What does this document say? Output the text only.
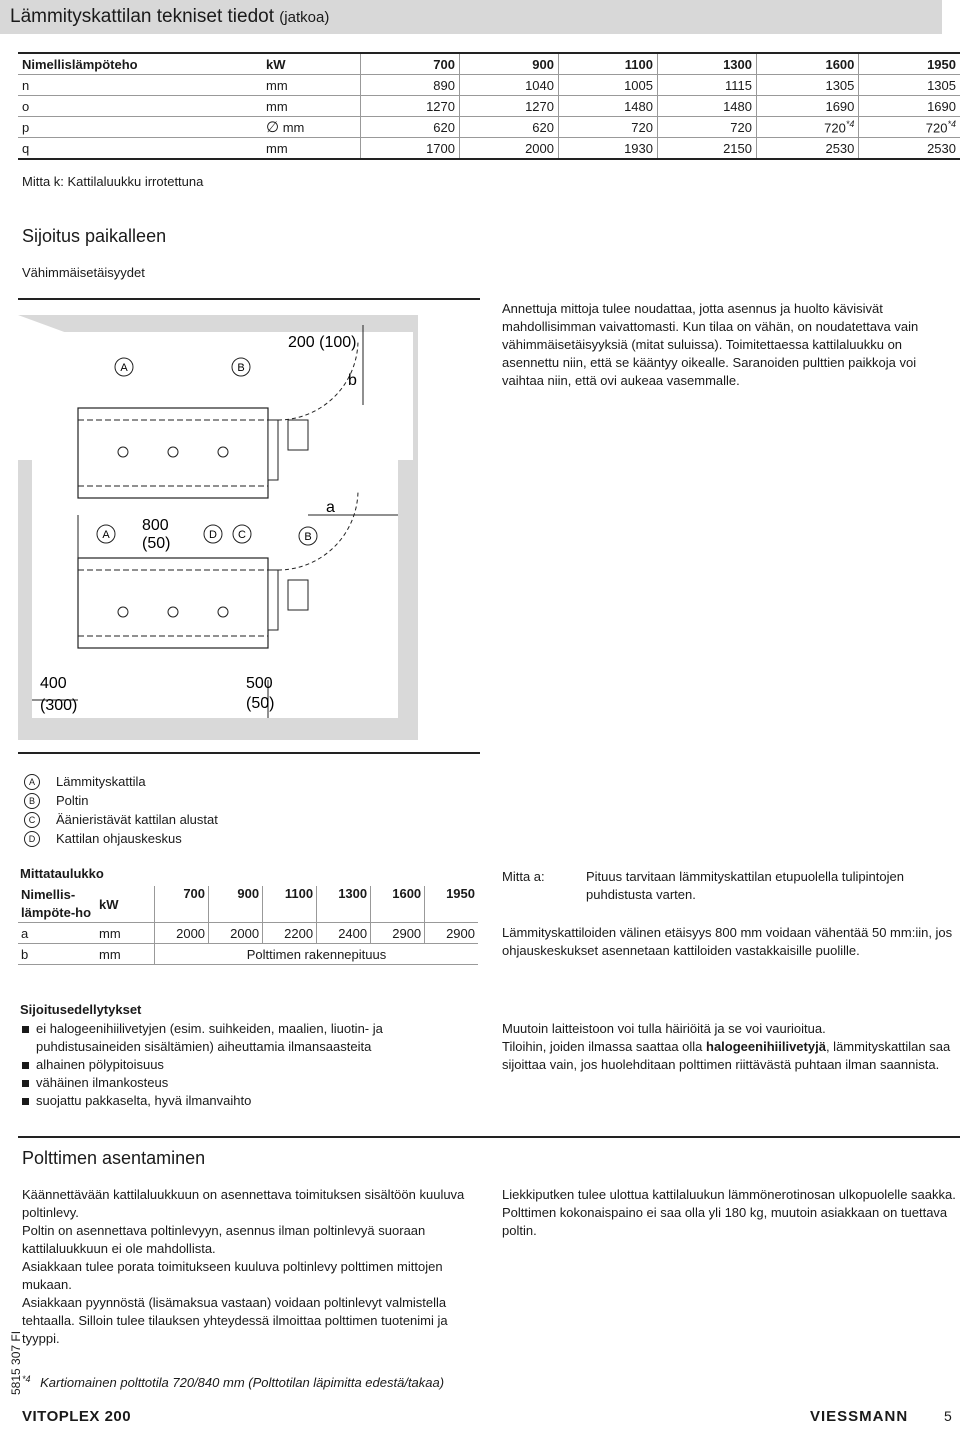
Lämmityskattilan tekniset tiedot (jatkoa)
Nimellislämpöteho	kW	700	900	1100	1300	1600	1950
n	mm	890	1040	1005	1115	1305	1305
o	mm	1270	1270	1480	1480	1690	1690
p	∅ mm	620	620	720	720	720$^{*4}$	720$^{*4}$
q	mm	1700	2000	1930	2150	2530	2530
Mitta k: Kattilaluukku irrotettuna
Sijoitus paikalleen
Vähimmäisetäisyydet
A	B
A	D C	B
200 (100)
b
a
800
(50)
400
(300)
500
(50)
Annettuja mittoja tulee noudattaa, jotta asennus ja huolto kävisivät mahdollisimman vaivattomasti. Kun tilaa on vähän, on noudatettava vain vähimmäisetäisyyksiä (mitat suluissa). Toimitettaessa kattilaluukku on asennettu niin, että se kääntyy oikealle. Saranoiden pulttien paikkoja voi vaihtaa niin, että ovi aukeaa vasemmalle.
A	Lämmityskattila
B	Poltin
C	Äänieristävät kattilan alustat
D	Kattilan ohjauskeskus
Mittataulukko
Nimellis-lämpöte-ho	kW	700	900	1100	1300	1600	1950
a	mm	2000	2000	2200	2400	2900	2900
b	mm	Polttimen rakennepituus					
Mitta a:	Pituus tarvitaan lämmityskattilan etupuolella tulipintojen puhdistusta varten.
Lämmityskattiloiden välinen etäisyys 800 mm voidaan vähentää 50 mm:iin, jos ohjauskeskukset asennetaan kattiloiden vastakkaisille puolille.
Sijoitusedellytykset
ei halogeenihiilivetyjen (esim. suihkeiden, maalien, liuotin- ja puhdistusaineiden sisältämien) aiheuttamia ilmansaasteita
alhainen pölypitoisuus
vähäinen ilmankosteus
suojattu pakkaselta, hyvä ilmanvaihto
Muutoin laitteistoon voi tulla häiriöitä ja se voi vaurioitua.
Tiloihin, joiden ilmassa saattaa olla halogeenihiilivetyjä, lämmityskattilan saa sijoittaa vain, jos huolehditaan polttimen riittävästä puhtaan ilman saannista.
Polttimen asentaminen
Käännettävään kattilaluukkuun on asennettava toimituksen sisältöön kuuluva poltinlevy.
Poltin on asennettava poltinlevyyn, asennus ilman poltinlevyä suoraan kattilaluukkuun ei ole mahdollista.
Asiakkaan tulee porata toimitukseen kuuluva poltinlevy polttimen mittojen mukaan.
Asiakkaan pyynnöstä (lisämaksua vastaan) voidaan poltinlevyt valmistella tehtaalla. Silloin tulee tilauksen yhteydessä ilmoittaa polttimen tuotenimi ja tyyppi.
Liekkiputken tulee ulottua kattilaluukun lämmönerotinosan ulkopuolelle saakka.
Polttimen kokonaispaino ei saa olla yli 180 kg, muutoin asiakkaan on tuettava poltin.
$^{*4}$ Kartiomainen polttotila 720/840 mm (Polttotilan läpimitta edestä/takaa)
5815 307 FI
VITOPLEX 200	VIESSMANN	5
